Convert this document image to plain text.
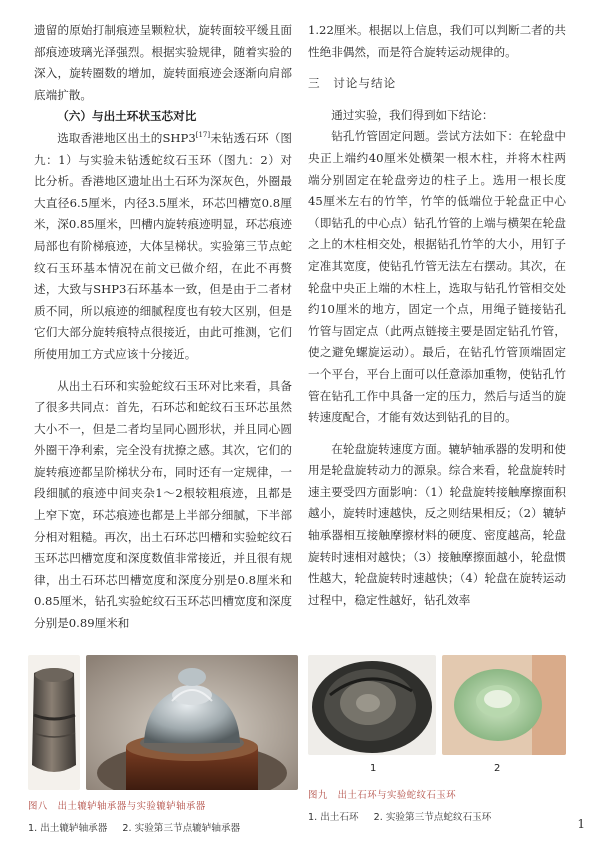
遗留的原始打制痕迹呈颗粒状，旋转面较平缓且面部痕迹玻璃光泽强烈。根据实验规律，随着实验的深入，旋转圈数的增加，旋转面痕迹会逐渐向肩部底端扩散。

（六）与出土环状玉芯对比

选取香港地区出土的SHP3[17]未钻透石环（图九：1）与实验未钻透蛇纹石玉环（图九：2）对比分析。香港地区遗址出土石环为深灰色，外圈最大直径6.5厘米，内径3.5厘米，环芯凹槽宽0.8厘米，深0.85厘米，凹槽内旋转痕迹明显，环芯痕迹局部也有阶梯痕迹，大体呈梯状。实验第三节点蛇纹石玉环基本情况在前文已做介绍，在此不再赘述，大致与SHP3石环基本一致，但是由于二者材质不同，所以痕迹的细腻程度也有较大区别，但是它们大部分旋转痕特点很接近，由此可推测，它们所使用加工方式应该十分接近。

从出土石环和实验蛇纹石玉环对比来看，具备了很多共同点：首先，石环芯和蛇纹石玉环芯虽然大小不一，但是二者均呈同心圆形状，并且同心圆外圈干净利索，完全没有扰撩之感。其次，它们的旋转痕迹都呈阶梯状分布，同时还有一定规律，一段细腻的痕迹中间夹杂1～2根较粗痕迹，且都是上窄下宽，环芯痕迹也都是上半部分细腻，下半部分相对粗糙。再次，出土石环芯凹槽和实验蛇纹石玉环芯凹槽宽度和深度数值非常接近，并且很有规律，出土石环芯凹槽宽度和深度分别是0.8厘米和0.85厘米，钻孔实验蛇纹石玉环芯凹槽宽度和深度分别是0.89厘米和

1.22厘米。根据以上信息，我们可以判断二者的共性绝非偶然，而是符合旋转运动规律的。

三　讨论与结论

通过实验，我们得到如下结论：

钻孔竹管固定问题。尝试方法如下：在轮盘中央正上端约40厘米处横架一根木柱，并将木柱两端分别固定在轮盘旁边的柱子上。选用一根长度45厘米左右的竹竿，竹竿的低端位于轮盘正中心（即钻孔的中心点）钻孔竹管的上端与横架在轮盘之上的木柱相交处，根据钻孔竹竿的大小，用钉子定准其宽度，使钻孔竹管无法左右摆动。其次，在轮盘中央正上端的木柱上，选取与钻孔竹管相交处约10厘米的地方，固定一个点，用绳子链接钻孔竹管与固定点（此两点链接主要是固定钻孔竹管，使之避免螺旋运动）。最后，在钻孔竹管顶端固定一个平台，平台上面可以任意添加重物，使钻孔竹管在钻孔工作中具备一定的压力，然后与适当的旋转速度配合，才能有效达到钻孔的目的。

在轮盘旋转速度方面。辘轳轴承器的发明和使用是轮盘旋转动力的源泉。综合来看，轮盘旋转时速主要受四方面影响：（1）轮盘旋转接触摩擦面积越小，旋转时速越快，反之则结果相反；（2）辘轳轴承器相互接触摩擦材料的硬度、密度越高，轮盘旋转时速相对越快；（3）接触摩擦面越小，轮盘惯性越大，轮盘旋转时速越快；（4）轮盘在旋转运动过程中，稳定性越好，钻孔效率

图八　出土辘轳轴承器与实验辘轳轴承器
1. 出土辘轳轴承器 2. 实验第三节点辘轳轴承器
1	2
图九　出土石环与实验蛇纹石玉环
1. 出土石环 2. 实验第三节点蛇纹石玉环	1
